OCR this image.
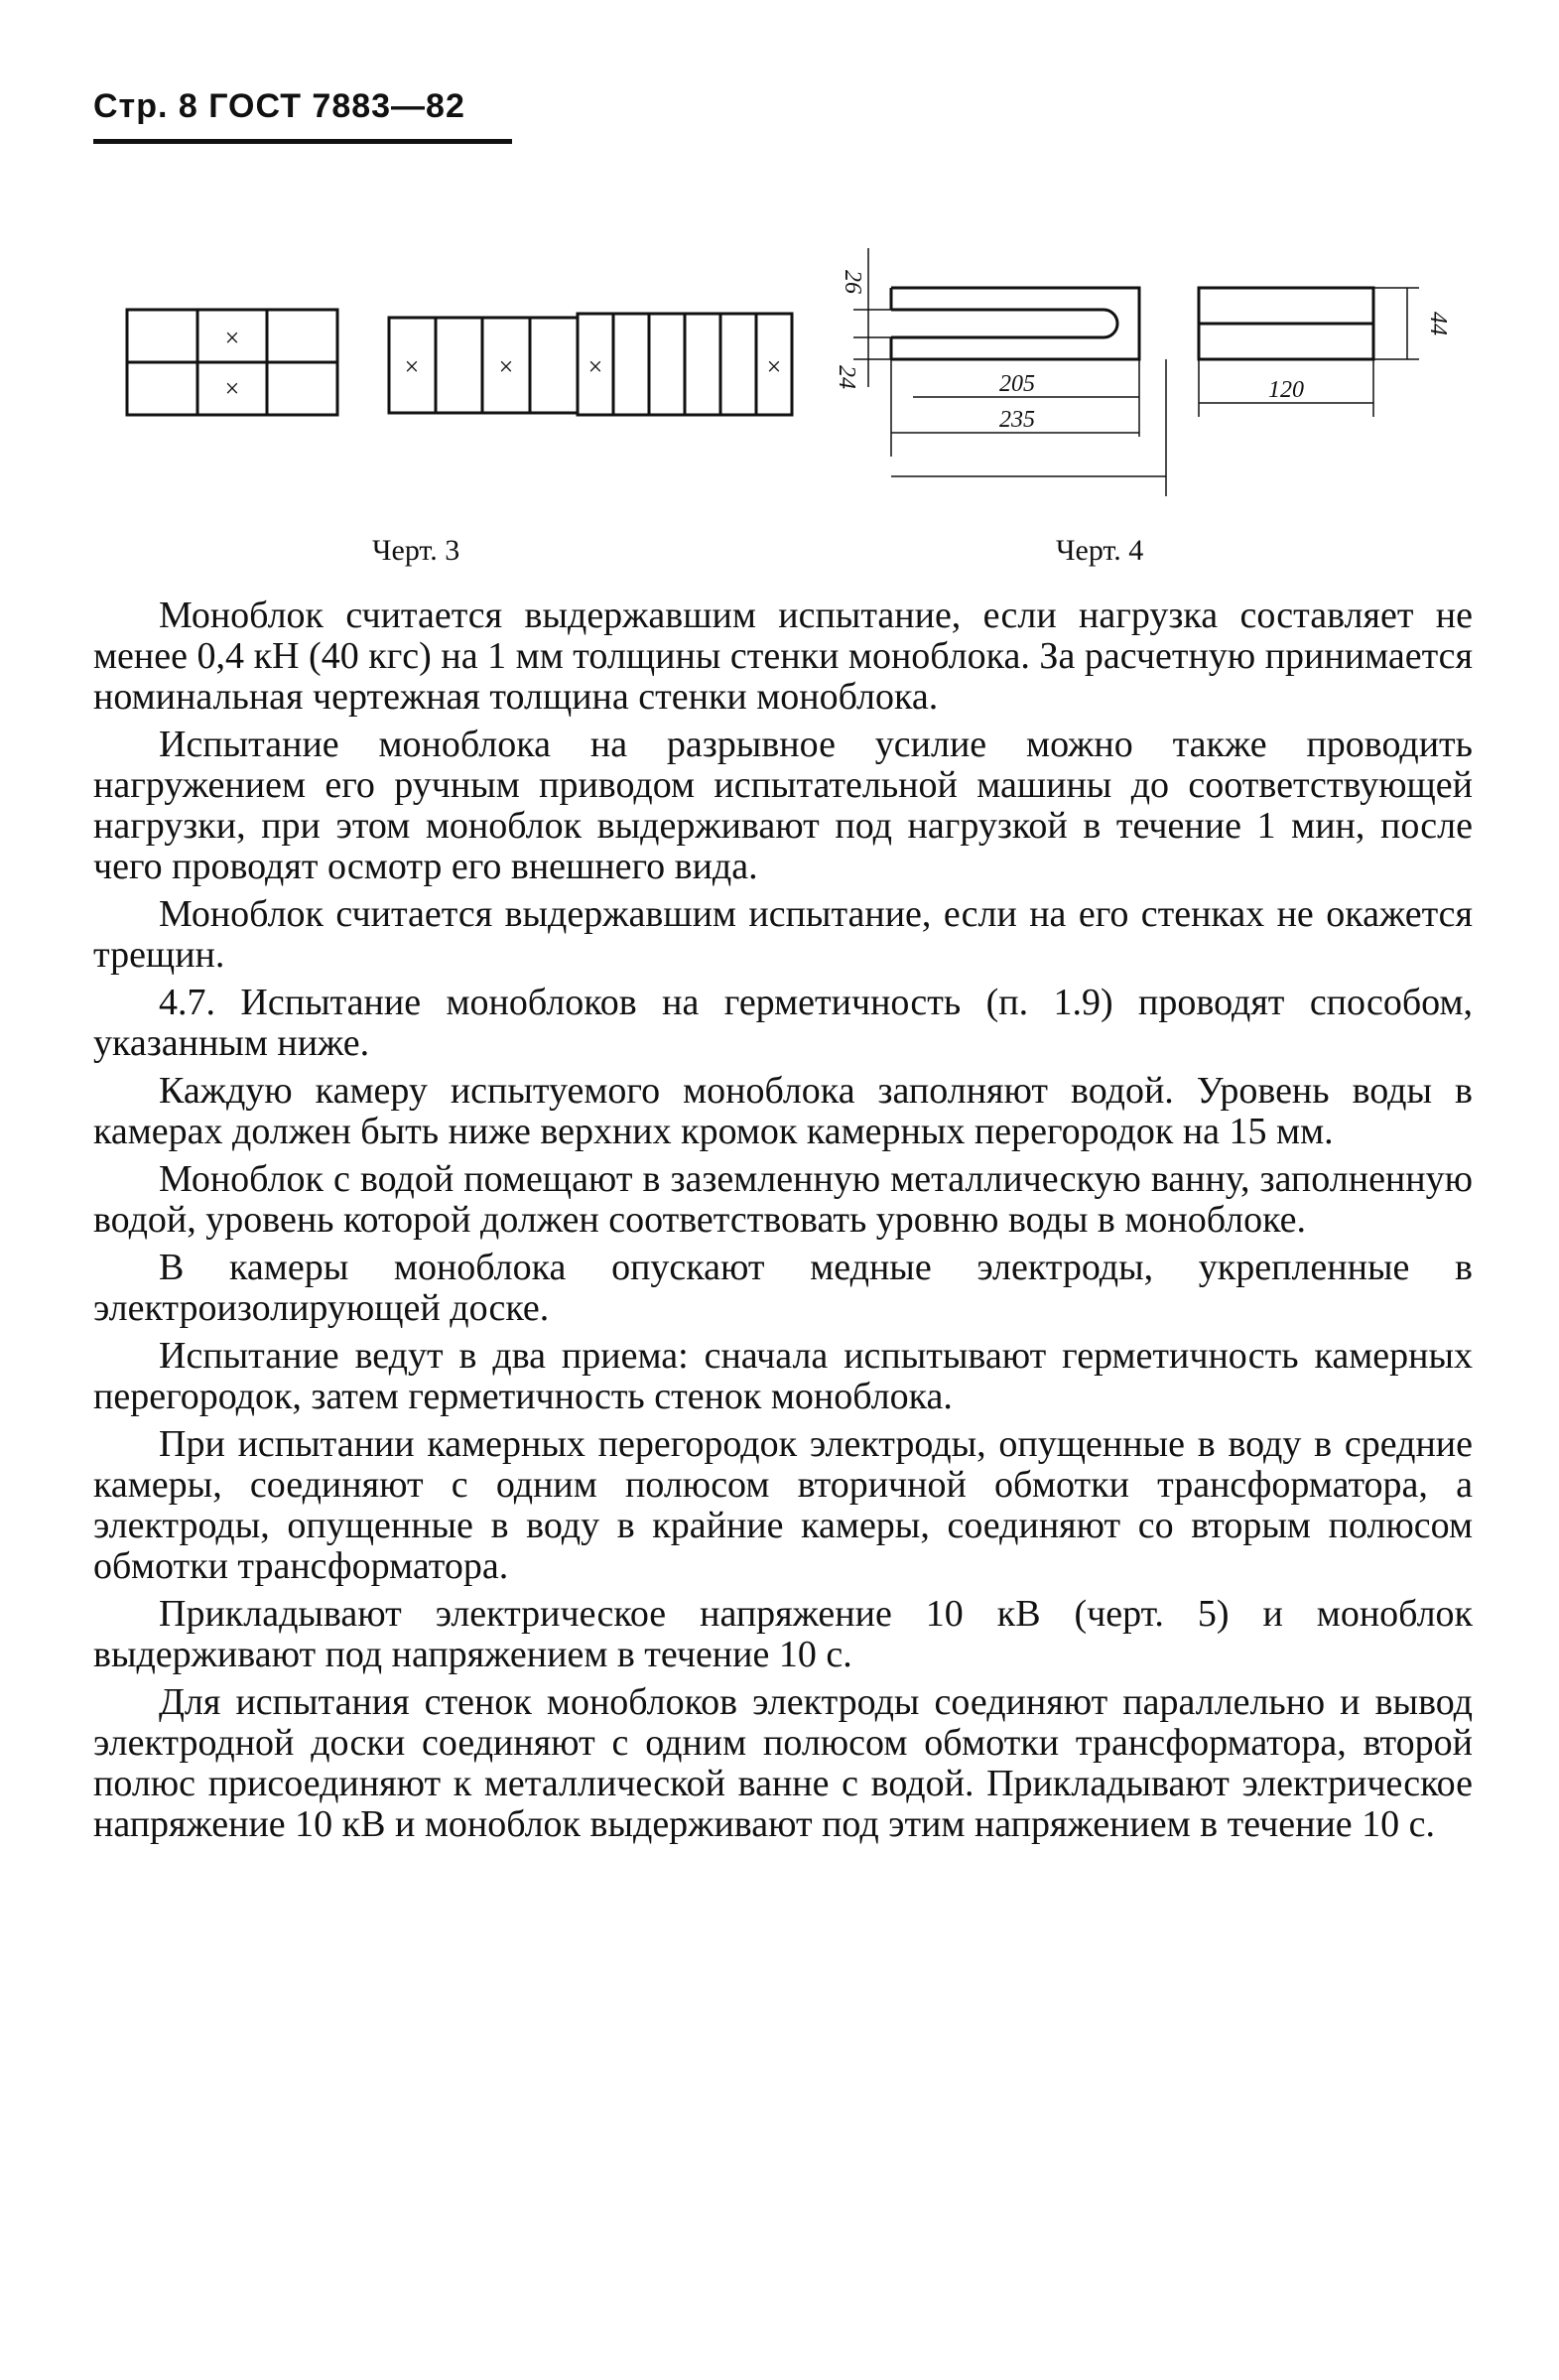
Стр. 8 ГОСТ 7883—82
×
×
×	×	×	×
26
24	205
235
120
44
Черт. 3	Черт. 4

Моноблок считается выдержавшим испытание, если нагрузка составляет не менее 0,4 кН (40 кгс) на 1 мм толщины стенки моноблока. За расчетную принимается номинальная чертежная толщина стенки моноблока.

Испытание моноблока на разрывное усилие можно также проводить нагружением его ручным приводом испытательной машины до соответствующей нагрузки, при этом моноблок выдерживают под нагрузкой в течение 1 мин, после чего проводят осмотр его внешнего вида.

Моноблок считается выдержавшим испытание, если на его стенках не окажется трещин.

4.7. Испытание моноблоков на герметичность (п. 1.9) проводят способом, указанным ниже.

Каждую камеру испытуемого моноблока заполняют водой. Уровень воды в камерах должен быть ниже верхних кромок камерных перегородок на 15 мм.

Моноблок с водой помещают в заземленную металлическую ванну, заполненную водой, уровень которой должен соответствовать уровню воды в моноблоке.

В камеры моноблока опускают медные электроды, укрепленные в электроизолирующей доске.

Испытание ведут в два приема: сначала испытывают герметичность камерных перегородок, затем герметичность стенок моноблока.

При испытании камерных перегородок электроды, опущенные в воду в средние камеры, соединяют с одним полюсом вторичной обмотки трансформатора, а электроды, опущенные в воду в крайние камеры, соединяют со вторым полюсом обмотки трансформатора.

Прикладывают электрическое напряжение 10 кВ (черт. 5) и моноблок выдерживают под напряжением в течение 10 с.

Для испытания стенок моноблоков электроды соединяют параллельно и вывод электродной доски соединяют с одним полюсом обмотки трансформатора, второй полюс присоединяют к металлической ванне с водой. Прикладывают электрическое напряжение 10 кВ и моноблок выдерживают под этим напряжением в течение 10 с.
